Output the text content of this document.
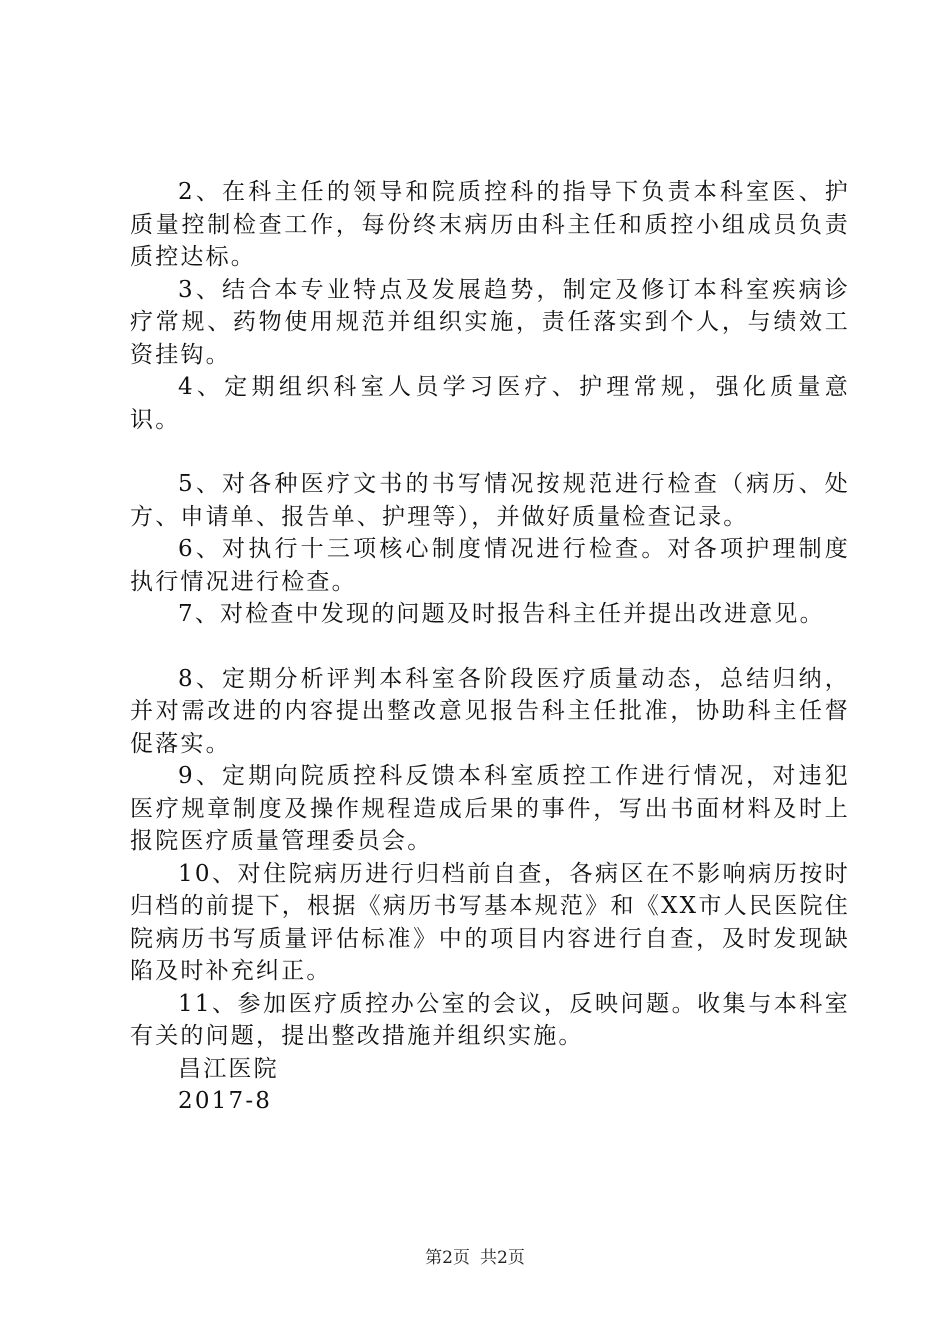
2、在科主任的领导和院质控科的指导下负责本科室医、护质量控制检查工作，每份终末病历由科主任和质控小组成员负责质控达标。

3、结合本专业特点及发展趋势，制定及修订本科室疾病诊疗常规、药物使用规范并组织实施，责任落实到个人，与绩效工资挂钩。

4、定期组织科室人员学习医疗、护理常规，强化质量意识。

5、对各种医疗文书的书写情况按规范进行检查（病历、处方、申请单、报告单、护理等），并做好质量检查记录。

6、对执行十三项核心制度情况进行检查。对各项护理制度执行情况进行检查。

7、对检查中发现的问题及时报告科主任并提出改进意见。

8、定期分析评判本科室各阶段医疗质量动态，总结归纳，并对需改进的内容提出整改意见报告科主任批准，协助科主任督促落实。

9、定期向院质控科反馈本科室质控工作进行情况，对违犯医疗规章制度及操作规程造成后果的事件，写出书面材料及时上报院医疗质量管理委员会。

10、对住院病历进行归档前自查，各病区在不影响病历按时归档的前提下，根据《病历书写基本规范》和《XX市人民医院住院病历书写质量评估标准》中的项目内容进行自查，及时发现缺陷及时补充纠正。

11、参加医疗质控办公室的会议，反映问题。收集与本科室有关的问题，提出整改措施并组织实施。

昌江医院

2017-8

第2页 共2页
